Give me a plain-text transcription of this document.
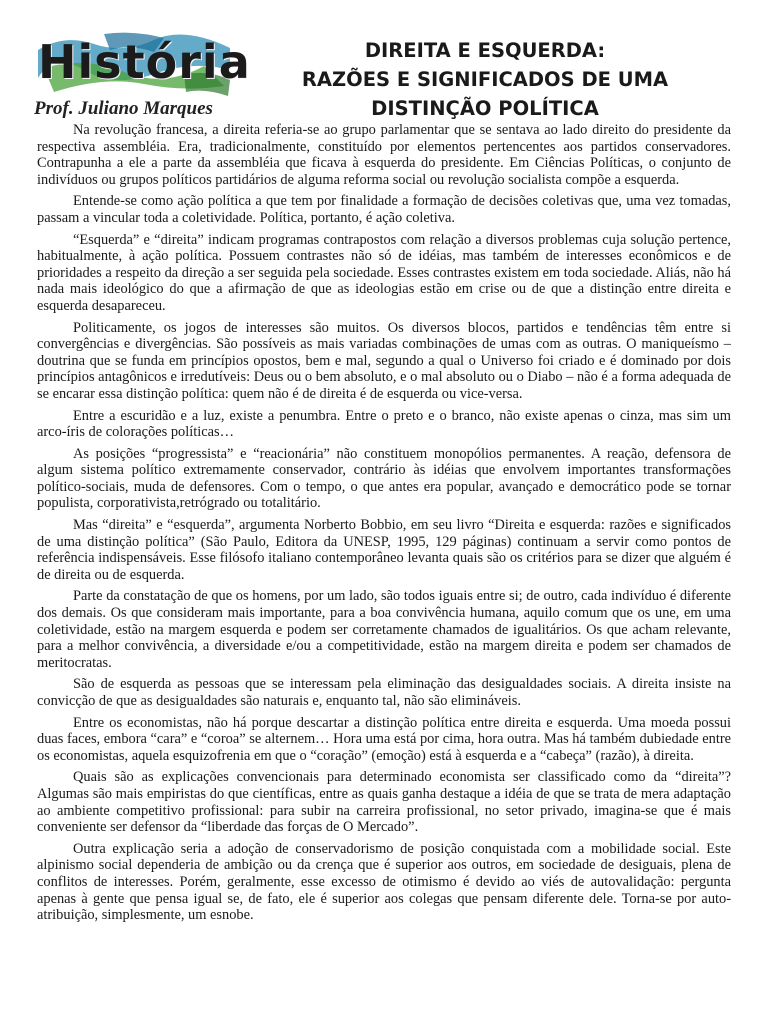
História
Prof. Juliano Marques
DIREITA E ESQUERDA:
RAZÕES E SIGNIFICADOS DE UMA
DISTINÇÃO POLÍTICA

Na revolução francesa, a direita referia-se ao grupo parlamentar que se sentava ao lado direito do presidente da respectiva assembléia. Era, tradicionalmente, constituído por elementos pertencentes aos partidos conservadores. Contrapunha a ele a parte da assembléia que ficava à esquerda do presidente. Em Ciências Políticas, o conjunto de indivíduos ou grupos políticos partidários de alguma reforma social ou revolução socialista compõe a esquerda.

Entende-se como ação política a que tem por finalidade a formação de decisões coletivas que, uma vez tomadas, passam a vincular toda a coletividade. Política, portanto, é ação coletiva.

“Esquerda” e “direita” indicam programas contrapostos com relação a diversos problemas cuja solução pertence, habitualmente, à ação política. Possuem contrastes não só de idéias, mas também de interesses econômicos e de prioridades a respeito da direção a ser seguida pela sociedade. Esses contrastes existem em toda sociedade. Aliás, não há nada mais ideológico do que a afirmação de que as ideologias estão em crise ou de que a distinção entre direita e esquerda desapareceu.

Politicamente, os jogos de interesses são muitos. Os diversos blocos, partidos e tendências têm entre si convergências e divergências. São possíveis as mais variadas combinações de umas com as outras. O maniqueísmo – doutrina que se funda em princípios opostos, bem e mal, segundo a qual o Universo foi criado e é dominado por dois princípios antagônicos e irredutíveis: Deus ou o bem absoluto, e o mal absoluto ou o Diabo – não é a forma adequada de se encarar essa distinção política: quem não é de direita é de esquerda ou vice-versa.

Entre a escuridão e a luz, existe a penumbra. Entre o preto e o branco, não existe apenas o cinza, mas sim um arco-íris de colorações políticas…

As posições “progressista” e “reacionária” não constituem monopólios permanentes. A reação, defensora de algum sistema político extremamente conservador, contrário às idéias que envolvem importantes transformações político-sociais, muda de defensores. Com o tempo, o que antes era popular, avançado e democrático pode se tornar populista, corporativista,retrógrado ou totalitário.

Mas “direita” e “esquerda”, argumenta Norberto Bobbio, em seu livro “Direita e esquerda: razões e significados de uma distinção política” (São Paulo, Editora da UNESP, 1995, 129 páginas) continuam a servir como pontos de referência indispensáveis. Esse filósofo italiano contemporâneo levanta quais são os critérios para se dizer que alguém é de direita ou de esquerda.

Parte da constatação de que os homens, por um lado, são todos iguais entre si; de outro, cada indivíduo é diferente dos demais. Os que consideram mais importante, para a boa convivência humana, aquilo comum que os une, em uma coletividade, estão na margem esquerda e podem ser corretamente chamados de igualitários. Os que acham relevante, para a melhor convivência, a diversidade e/ou a competitividade, estão na margem direita e podem ser chamados de meritocratas.

São de esquerda as pessoas que se interessam pela eliminação das desigualdades sociais. A direita insiste na convicção de que as desigualdades são naturais e, enquanto tal, não são elimináveis.

Entre os economistas, não há porque descartar a distinção política entre direita e esquerda. Uma moeda possui duas faces, embora “cara” e “coroa” se alternem… Hora uma está por cima, hora outra. Mas há também dubiedade entre os economistas, aquela esquizofrenia em que o “coração” (emoção) está à esquerda e a “cabeça” (razão), à direita.

Quais são as explicações convencionais para determinado economista ser classificado como da “direita”? Algumas são mais empiristas do que científicas, entre as quais ganha destaque a idéia de que se trata de mera adaptação ao ambiente competitivo profissional: para subir na carreira profissional, no setor privado, imagina-se que é mais conveniente ser defensor da “liberdade das forças de O Mercado”.

Outra explicação seria a adoção de conservadorismo de posição conquistada com a mobilidade social. Este alpinismo social dependeria de ambição ou da crença que é superior aos outros, em sociedade de desiguais, plena de conflitos de interesses. Porém, geralmente, esse excesso de otimismo é devido ao viés de autovalidação: pergunta apenas à gente que pensa igual se, de fato, ele é superior aos colegas que pensam diferente dele. Torna-se por auto-atribuição, simplesmente, um esnobe.
